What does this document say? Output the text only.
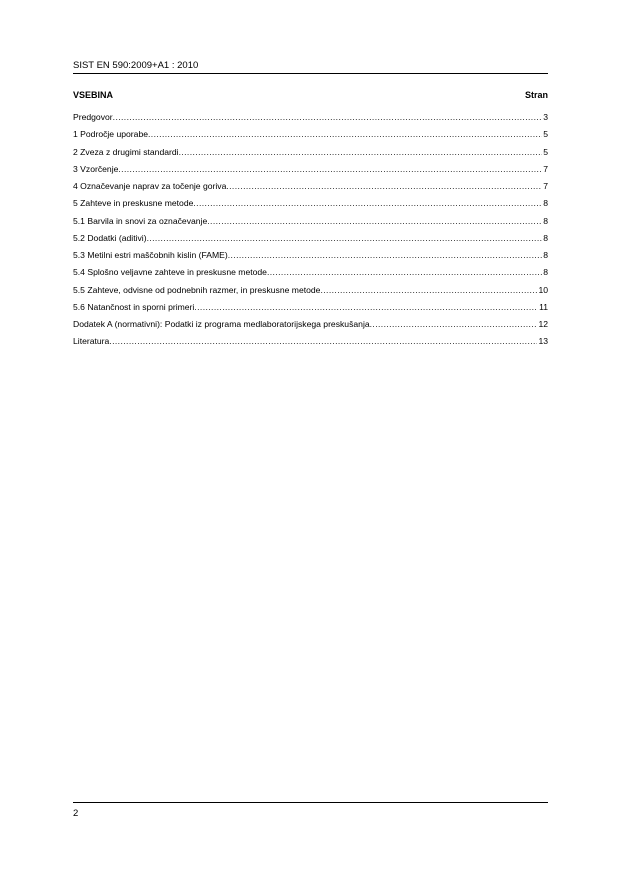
SIST EN 590:2009+A1 : 2010
VSEBINA	Stran
Predgovor .....	3
1 Področje uporabe .....	5
2 Zveza z drugimi standardi .....	5
3 Vzorčenje .....	7
4 Označevanje naprav za točenje goriva .....	7
5 Zahteve in preskusne metode .....	8
5.1 Barvila in snovi za označevanje .....	8
5.2 Dodatki (aditivi) .....	8
5.3 Metilni estri maščobnih kislin (FAME) .....	8
5.4 Splošno veljavne zahteve in preskusne metode .....	8
5.5 Zahteve, odvisne od podnebnih razmer, in preskusne metode .....	10
5.6 Natančnost in sporni primeri .....	11
Dodatek A (normativni): Podatki iz programa medlaboratorijskega preskušanja .....	12
Literatura .....	13
2
